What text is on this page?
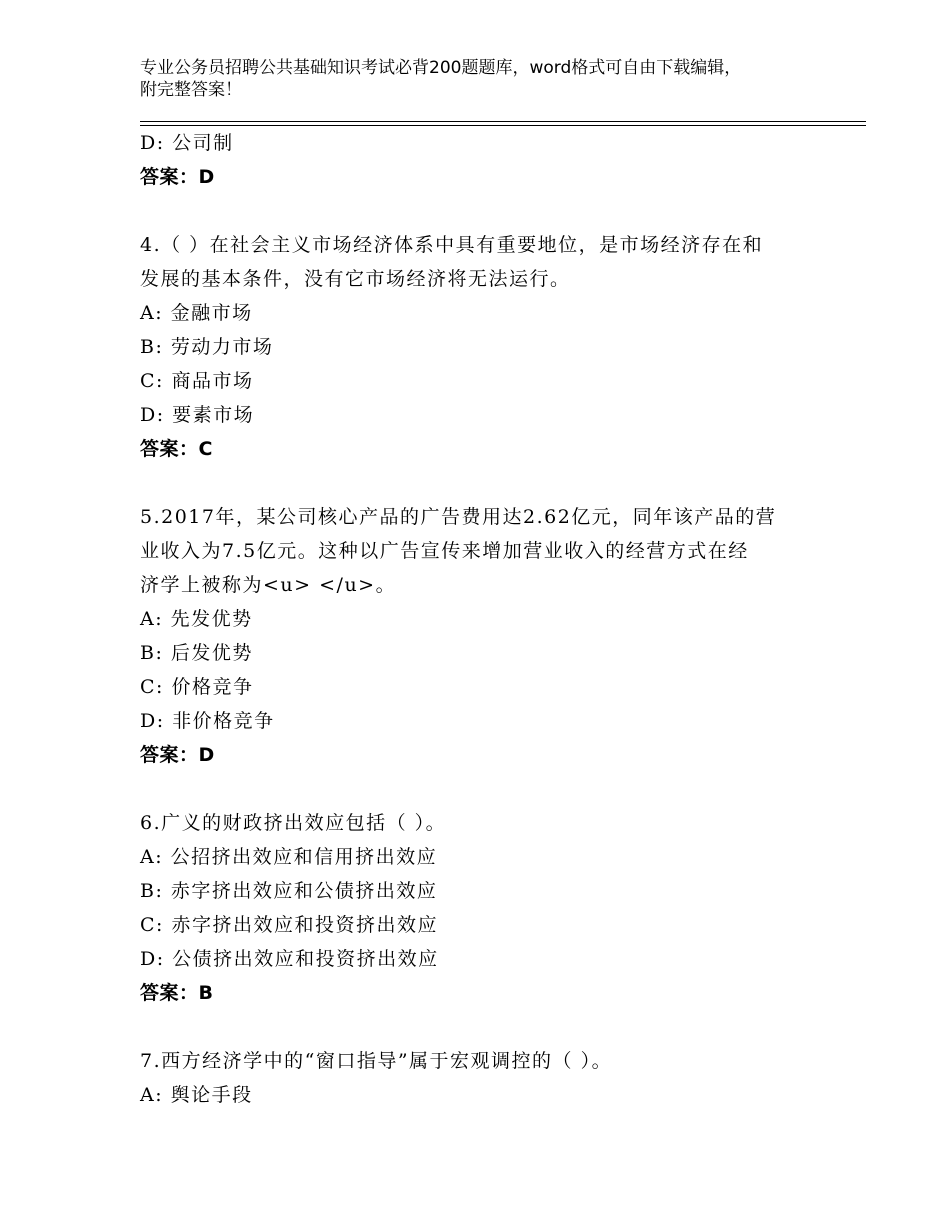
专业公务员招聘公共基础知识考试必背200题题库，word格式可自由下载编辑，
附完整答案！
D: 公司制
答案：D
4.（ ）在社会主义市场经济体系中具有重要地位，是市场经济存在和
发展的基本条件，没有它市场经济将无法运行。
A: 金融市场
B: 劳动力市场
C: 商品市场
D: 要素市场
答案：C
5.2017年，某公司核心产品的广告费用达2.62亿元，同年该产品的营
业收入为7.5亿元。这种以广告宣传来增加营业收入的经营方式在经
济学上被称为<u> </u>。
A: 先发优势
B: 后发优势
C: 价格竞争
D: 非价格竞争
答案：D
6.广义的财政挤出效应包括（ ）。
A: 公招挤出效应和信用挤出效应
B: 赤字挤出效应和公债挤出效应
C: 赤字挤出效应和投资挤出效应
D: 公债挤出效应和投资挤出效应
答案：B
7.西方经济学中的“窗口指导”属于宏观调控的（ ）。
A: 舆论手段
